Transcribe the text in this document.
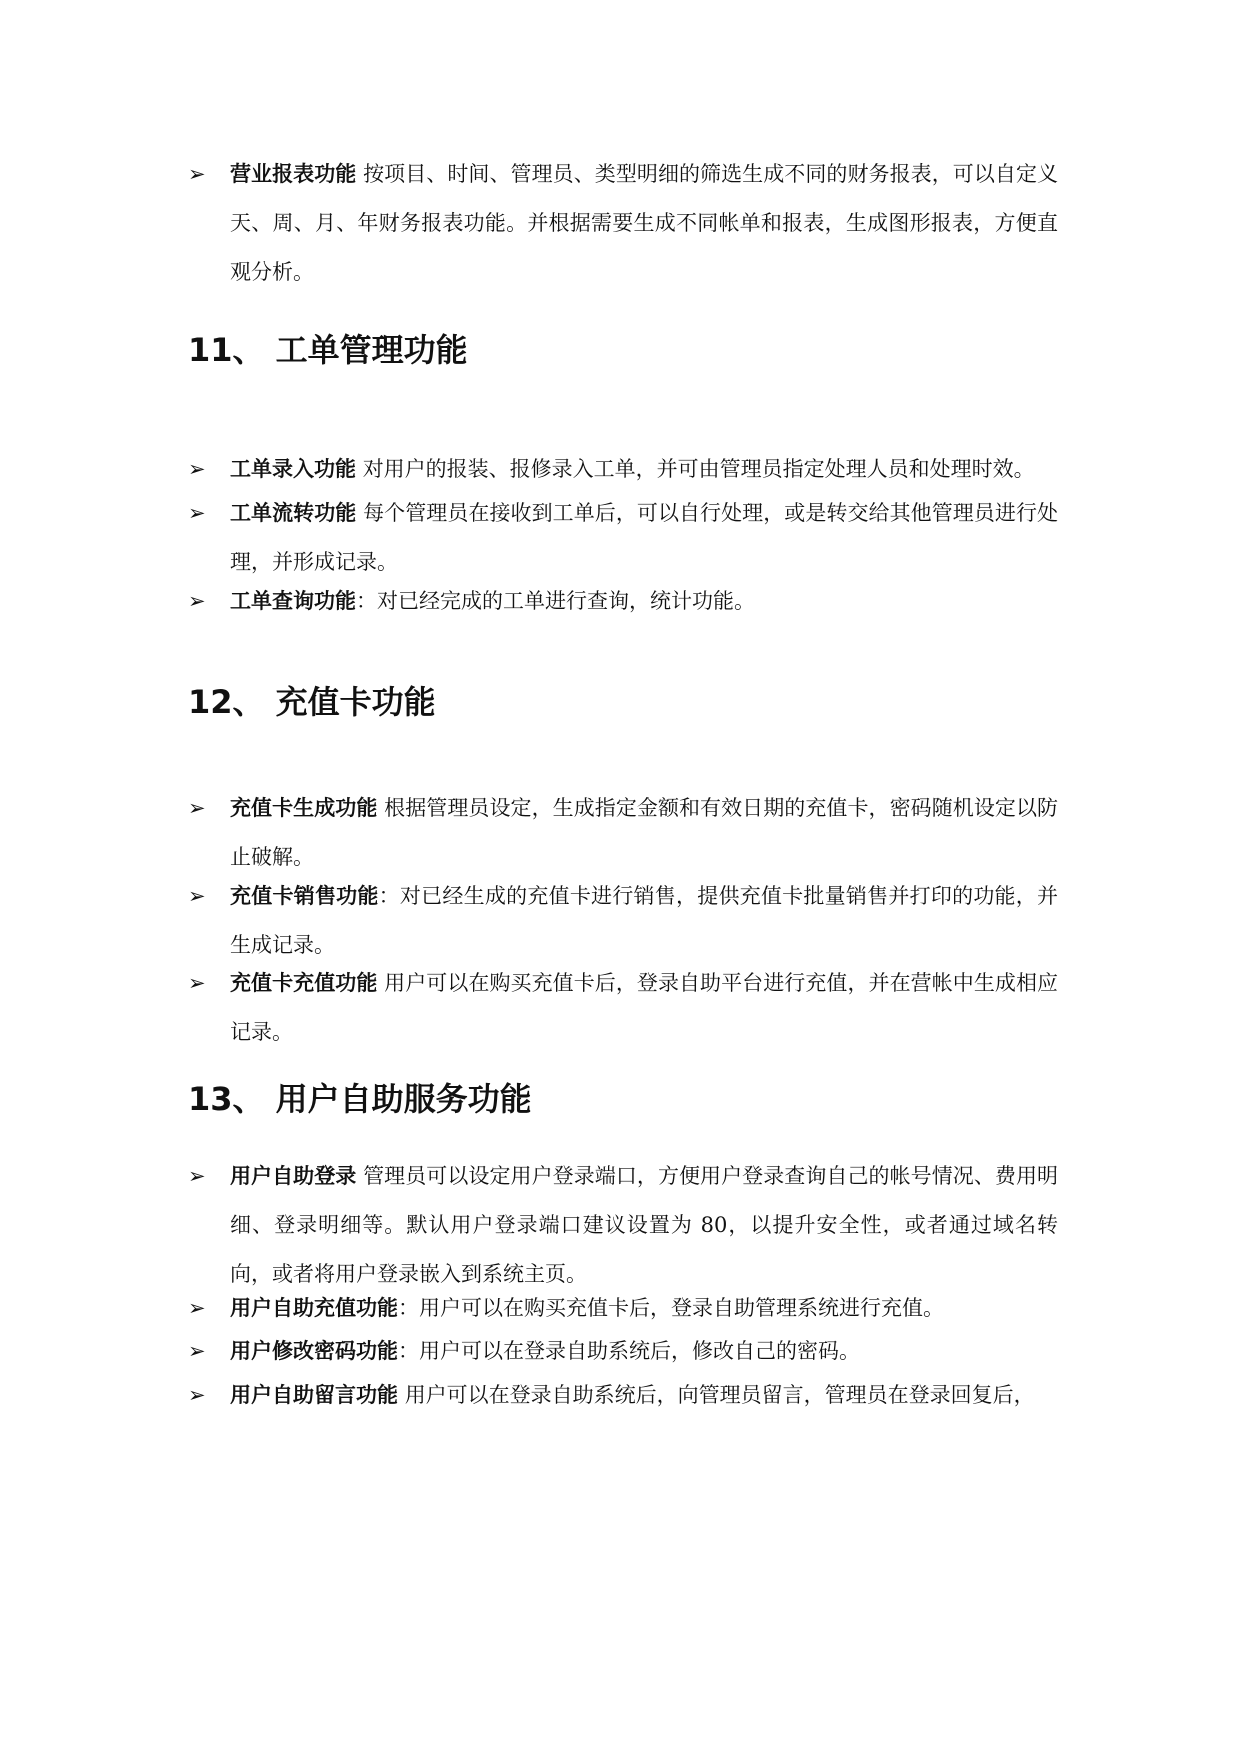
➢	营业报表功能 按项目、时间、管理员、类型明细的筛选生成不同的财务报表，可以自定义天、周、月、年财务报表功能。并根据需要生成不同帐单和报表，生成图形报表，方便直观分析。
11、 工单管理功能
➢	工单录入功能 对用户的报装、报修录入工单，并可由管理员指定处理人员和处理时效。
➢	工单流转功能 每个管理员在接收到工单后，可以自行处理，或是转交给其他管理员进行处理，并形成记录。
➢	工单查询功能：对已经完成的工单进行查询，统计功能。
12、 充值卡功能
➢	充值卡生成功能 根据管理员设定，生成指定金额和有效日期的充值卡，密码随机设定以防止破解。
➢	充值卡销售功能：对已经生成的充值卡进行销售，提供充值卡批量销售并打印的功能，并生成记录。
➢	充值卡充值功能 用户可以在购买充值卡后，登录自助平台进行充值，并在营帐中生成相应记录。
13、 用户自助服务功能
➢	用户自助登录 管理员可以设定用户登录端口，方便用户登录查询自己的帐号情况、费用明细、登录明细等。默认用户登录端口建议设置为 80，以提升安全性，或者通过域名转向，或者将用户登录嵌入到系统主页。
➢	用户自助充值功能：用户可以在购买充值卡后，登录自助管理系统进行充值。
➢	用户修改密码功能：用户可以在登录自助系统后，修改自己的密码。
➢	用户自助留言功能 用户可以在登录自助系统后，向管理员留言，管理员在登录回复后，
